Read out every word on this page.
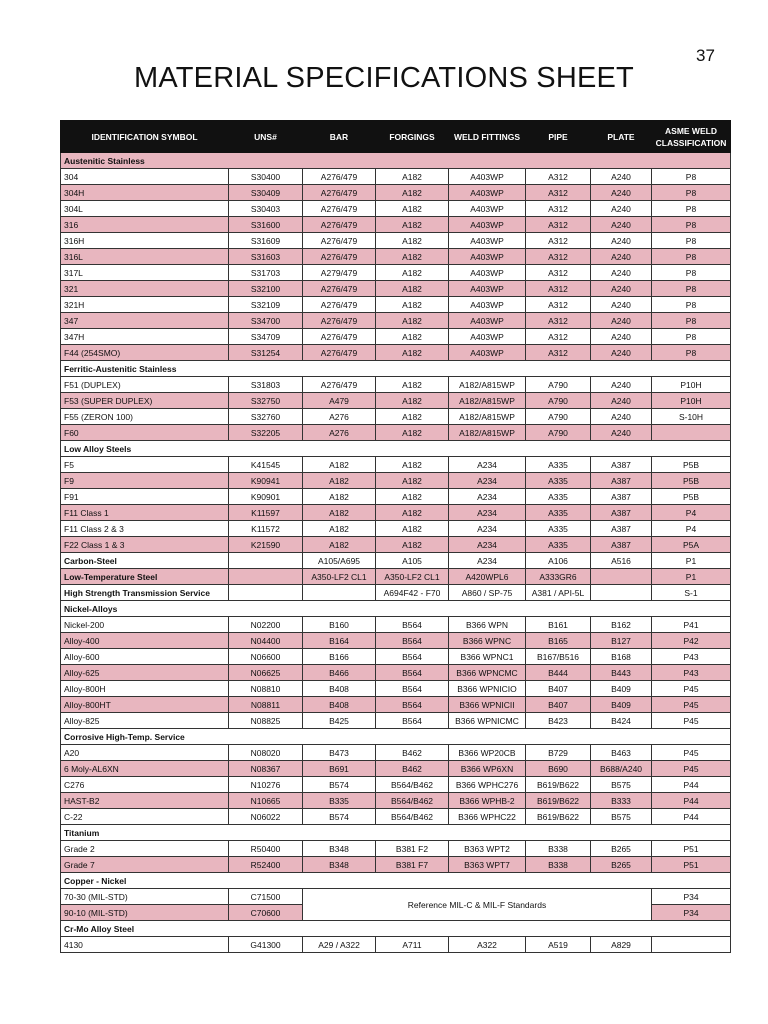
37
MATERIAL SPECIFICATIONS SHEET
IDENTIFICATION SYMBOL	UNS#	BAR	FORGINGS	WELD FITTINGS	PIPE	PLATE	ASME WELD CLASSIFICATION
Austenitic Stainless							
304	S30400	A276/479	A182	A403WP	A312	A240	P8
304H	S30409	A276/479	A182	A403WP	A312	A240	P8
304L	S30403	A276/479	A182	A403WP	A312	A240	P8
316	S31600	A276/479	A182	A403WP	A312	A240	P8
316H	S31609	A276/479	A182	A403WP	A312	A240	P8
316L	S31603	A276/479	A182	A403WP	A312	A240	P8
317L	S31703	A279/479	A182	A403WP	A312	A240	P8
321	S32100	A276/479	A182	A403WP	A312	A240	P8
321H	S32109	A276/479	A182	A403WP	A312	A240	P8
347	S34700	A276/479	A182	A403WP	A312	A240	P8
347H	S34709	A276/479	A182	A403WP	A312	A240	P8
F44 (254SMO)	S31254	A276/479	A182	A403WP	A312	A240	P8
Ferritic-Austenitic Stainless							
F51 (DUPLEX)	S31803	A276/479	A182	A182/A815WP	A790	A240	P10H
F53 (SUPER DUPLEX)	S32750	A479	A182	A182/A815WP	A790	A240	P10H
F55 (ZERON 100)	S32760	A276	A182	A182/A815WP	A790	A240	S-10H
F60	S32205	A276	A182	A182/A815WP	A790	A240	
Low Alloy Steels							
F5	K41545	A182	A182	A234	A335	A387	P5B
F9	K90941	A182	A182	A234	A335	A387	P5B
F91	K90901	A182	A182	A234	A335	A387	P5B
F11 Class 1	K11597	A182	A182	A234	A335	A387	P4
F11 Class 2 & 3	K11572	A182	A182	A234	A335	A387	P4
F22 Class 1 & 3	K21590	A182	A182	A234	A335	A387	P5A
Carbon-Steel		A105/A695	A105	A234	A106	A516	P1
Low-Temperature Steel		A350-LF2 CL1	A350-LF2 CL1	A420WPL6	A333GR6		P1
High Strength Transmission Service			A694F42 - F70	A860 / SP-75	A381 / API-5L		S-1
Nickel-Alloys							
Nickel-200	N02200	B160	B564	B366 WPN	B161	B162	P41
Alloy-400	N04400	B164	B564	B366 WPNC	B165	B127	P42
Alloy-600	N06600	B166	B564	B366 WPNC1	B167/B516	B168	P43
Alloy-625	N06625	B466	B564	B366 WPNCMC	B444	B443	P43
Alloy-800H	N08810	B408	B564	B366 WPNICIO	B407	B409	P45
Alloy-800HT	N08811	B408	B564	B366 WPNICII	B407	B409	P45
Alloy-825	N08825	B425	B564	B366 WPNICMC	B423	B424	P45
Corrosive High-Temp. Service							
A20	N08020	B473	B462	B366 WP20CB	B729	B463	P45
6 Moly-AL6XN	N08367	B691	B462	B366 WP6XN	B690	B688/A240	P45
C276	N10276	B574	B564/B462	B366 WPHC276	B619/B622	B575	P44
HAST-B2	N10665	B335	B564/B462	B366 WPHB-2	B619/B622	B333	P44
C-22	N06022	B574	B564/B462	B366 WPHC22	B619/B622	B575	P44
Titanium							
Grade 2	R50400	B348	B381 F2	B363 WPT2	B338	B265	P51
Grade 7	R52400	B348	B381 F7	B363 WPT7	B338	B265	P51
Copper - Nickel							
70-30 (MIL-STD)	C71500	Reference MIL-C & MIL-F Standards					P34
90-10 (MIL-STD)	C70600						P34
Cr-Mo Alloy Steel							
4130	G41300	A29 / A322	A711	A322	A519	A829	
